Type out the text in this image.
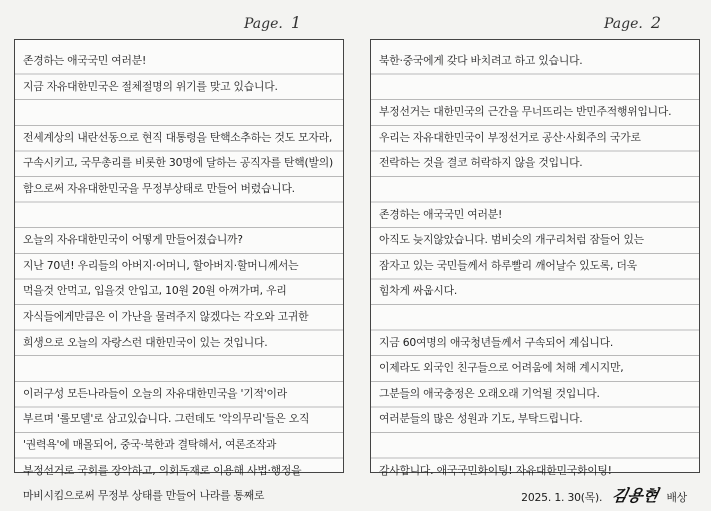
Page. 1	Page. 2
존경하는 애국국민 여러분!
지금 자유대한민국은 절체절명의 위기를 맞고 있습니다.
전세계상의 내란선동으로 현직 대통령을 탄핵소추하는 것도 모자라,
구속시키고, 국무총리를 비롯한 30명에 달하는 공직자를 탄핵(발의)
함으로써 자유대한민국을 무정부상태로 만들어 버렸습니다.
오늘의 자유대한민국이 어떻게 만들어졌습니까?
지난 70년! 우리들의 아버지·어머니, 할아버지·할머니께서는
먹을것 안먹고, 입을것 안입고, 10원 20원 아껴가며, 우리
자식들에게만큼은 이 가난을 물려주지 않겠다는 각오와 고귀한
희생으로 오늘의 자랑스런 대한민국이 있는 것입니다.
이러구성 모든나라들이 오늘의 자유대한민국을 '기적'이라
부르며 '롤모델'로 삼고있습니다. 그런데도 '악의무리'들은 오직
'권력욕'에 매몰되어, 중국·북한과 결탁해서, 여론조작과
부정선거로 국회를 장악하고, 의회독재로 이용해 사법·행정을
마비시킴으로써 무정부 상태를 만들어 나라를 통째로
북한·중국에게 갖다 바치려고 하고 있습니다.
부정선거는 대한민국의 근간을 무너뜨리는 반민주적행위입니다.
우리는 자유대한민국이 부정선거로 공산·사회주의 국가로
전락하는 것을 결코 허락하지 않을 것입니다.
존경하는 애국국민 여러분!
아직도 늦지않았습니다. 범비슷의 개구리처럼 잠들어 있는
잠자고 있는 국민들께서 하루빨리 깨어날수 있도록, 더욱
힘차게 싸웁시다.
지금 60여명의 애국청년들께서 구속되어 계십니다.
이제라도 외국인 친구들으로 어려움에 처해 계시지만,
그분들의 애국충정은 오래오래 기억될 것입니다.
여러분들의 많은 성원과 기도, 부탁드립니다.
감사합니다. 애국국민화이팅! 자유대한민국화이팅!
2025. 1. 30(목). 김용현 배상
